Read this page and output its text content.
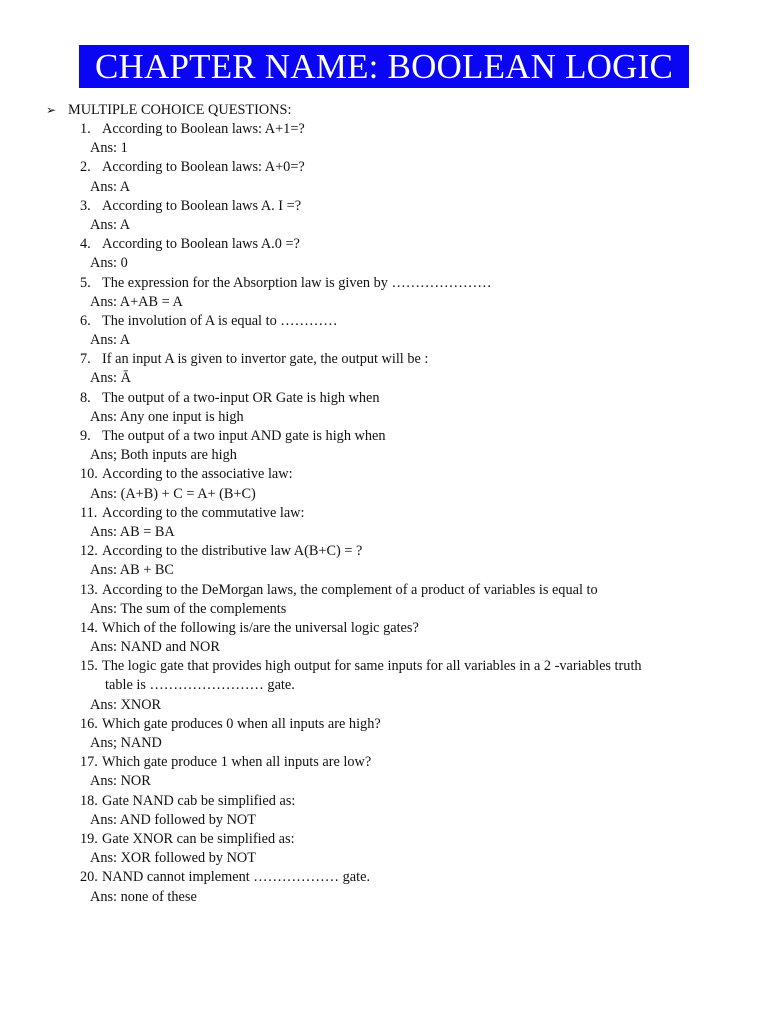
CHAPTER NAME: BOOLEAN LOGIC
➢ MULTIPLE COHOICE QUESTIONS:
1. According to Boolean laws: A+1=?
Ans: 1
2. According to Boolean laws: A+0=?
Ans: A
3. According to Boolean laws A. I =?
Ans: A
4. According to Boolean laws A.0 =?
Ans: 0
5. The expression for the Absorption law is given by …………………
Ans: A+AB = A
6. The involution of A is equal to …………
Ans: A
7. If an input A is given to invertor gate, the output will be :
Ans: Ā
8. The output of a two-input OR Gate is high when
Ans: Any one input is high
9. The output of a two input AND gate is high when
Ans; Both inputs are high
10. According to the associative law:
Ans: (A+B) + C = A+ (B+C)
11. According to the commutative law:
Ans: AB = BA
12. According to the distributive law A(B+C) = ?
Ans: AB + BC
13. According to the DeMorgan laws, the complement of a product of variables is equal to
Ans: The sum of the complements
14. Which of the following is/are the universal logic gates?
Ans: NAND and NOR
15. The logic gate that provides high output for same inputs for all variables in a 2 -variables truth
table is …………………… gate.
Ans: XNOR
16. Which gate produces 0 when all inputs are high?
Ans; NAND
17. Which gate produce 1 when all inputs are low?
Ans: NOR
18. Gate NAND cab be simplified as:
Ans: AND followed by NOT
19. Gate XNOR can be simplified as:
Ans: XOR followed by NOT
20. NAND cannot implement ……………… gate.
Ans: none of these
